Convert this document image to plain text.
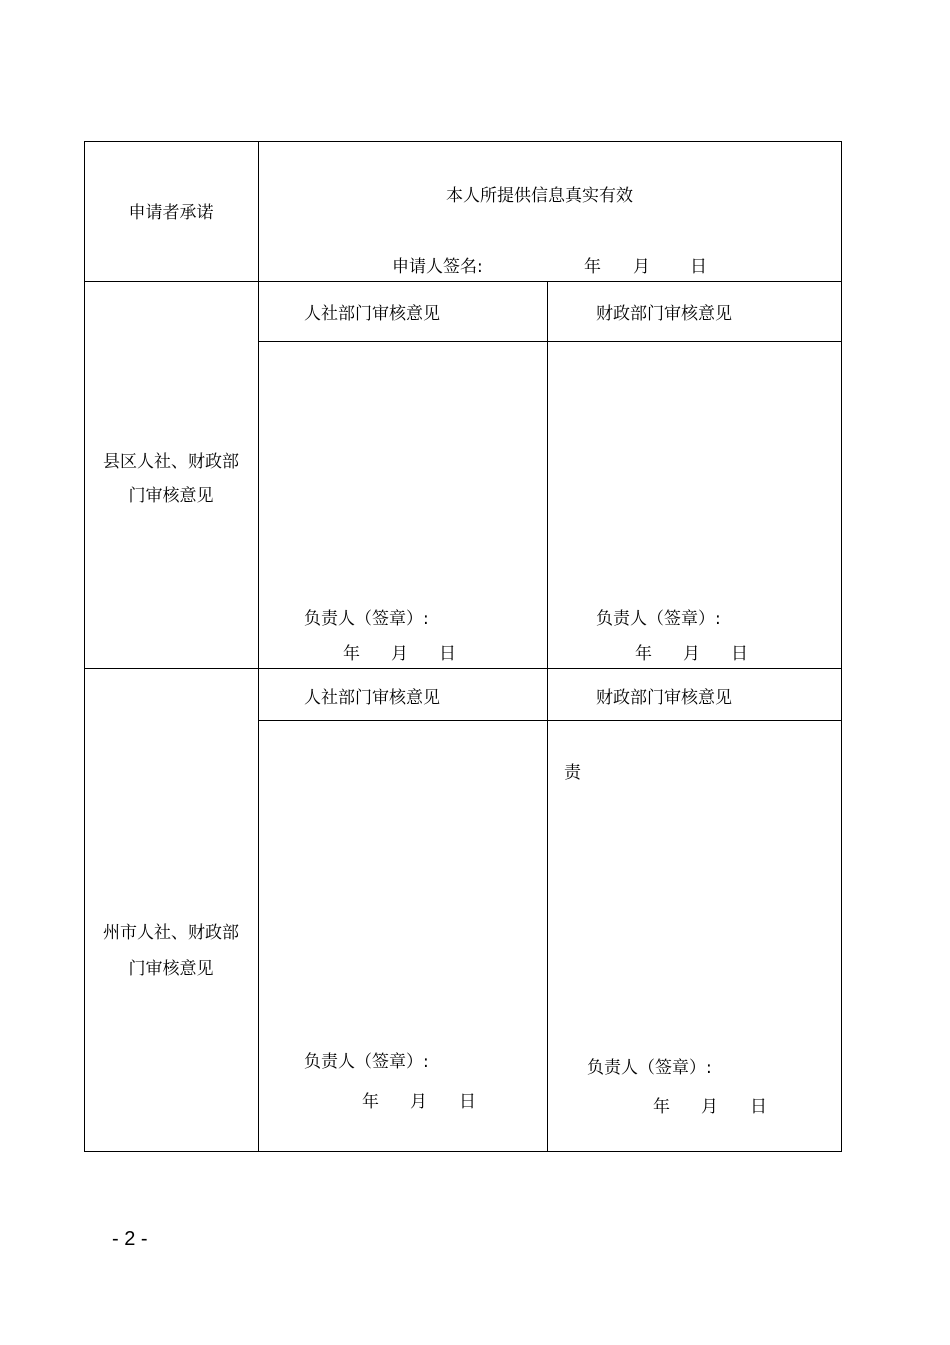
申请者承诺
本人所提供信息真实有效
申请人签名:	年 月 日
县区人社、财政部
门审核意见
人社部门审核意见	财政部门审核意见
负责人（签章）:	负责人（签章）:
年 月 日	年 月 日
州市人社、财政部
门审核意见
人社部门审核意见	财政部门审核意见
责
负责人（签章）:	负责人（签章）:
年 月 日	年 月 日
- 2 -
